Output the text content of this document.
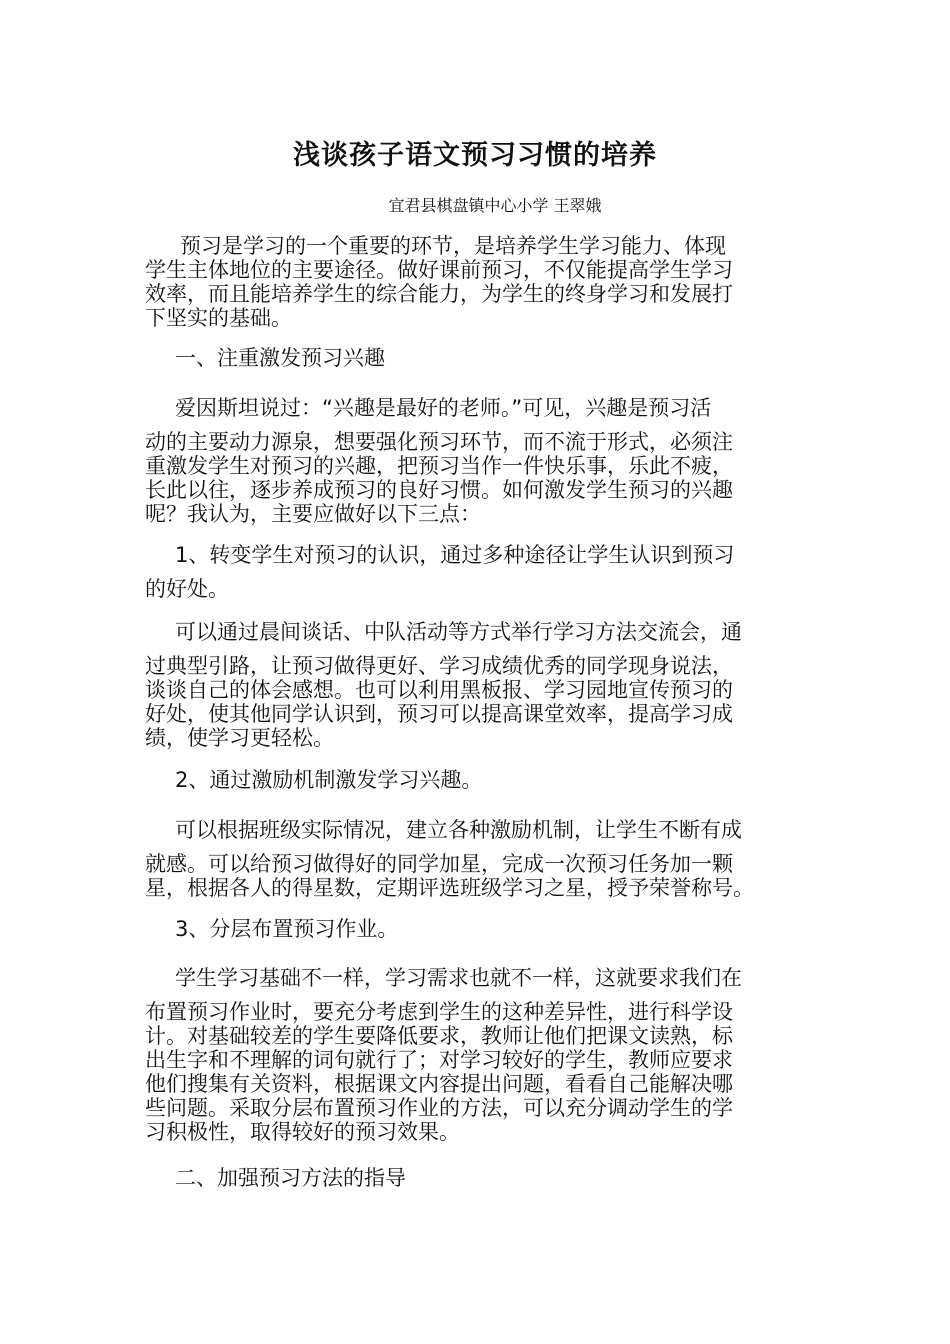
浅谈孩子语文预习习惯的培养
宜君县棋盘镇中心小学 王翠娥
预习是学习的一个重要的环节，是培养学生学习能力、体现
学生主体地位的主要途径。做好课前预习，不仅能提高学生学习
效率，而且能培养学生的综合能力，为学生的终身学习和发展打
下坚实的基础。
一、注重激发预习兴趣
爱因斯坦说过：“兴趣是最好的老师。”可见，兴趣是预习活
动的主要动力源泉，想要强化预习环节，而不流于形式，必须注
重激发学生对预习的兴趣，把预习当作一件快乐事，乐此不疲，
长此以往，逐步养成预习的良好习惯。如何激发学生预习的兴趣
呢？我认为，主要应做好以下三点：
1、转变学生对预习的认识，通过多种途径让学生认识到预习
的好处。
可以通过晨间谈话、中队活动等方式举行学习方法交流会，通
过典型引路，让预习做得更好、学习成绩优秀的同学现身说法，
谈谈自己的体会感想。也可以利用黑板报、学习园地宣传预习的
好处，使其他同学认识到，预习可以提高课堂效率，提高学习成
绩，使学习更轻松。
2、通过激励机制激发学习兴趣。
可以根据班级实际情况，建立各种激励机制，让学生不断有成
就感。可以给预习做得好的同学加星，完成一次预习任务加一颗
星，根据各人的得星数，定期评选班级学习之星，授予荣誉称号。
3、分层布置预习作业。
学生学习基础不一样，学习需求也就不一样，这就要求我们在
布置预习作业时，要充分考虑到学生的这种差异性，进行科学设
计。对基础较差的学生要降低要求，教师让他们把课文读熟，标
出生字和不理解的词句就行了；对学习较好的学生，教师应要求
他们搜集有关资料，根据课文内容提出问题，看看自己能解决哪
些问题。采取分层布置预习作业的方法，可以充分调动学生的学
习积极性，取得较好的预习效果。
二、加强预习方法的指导
